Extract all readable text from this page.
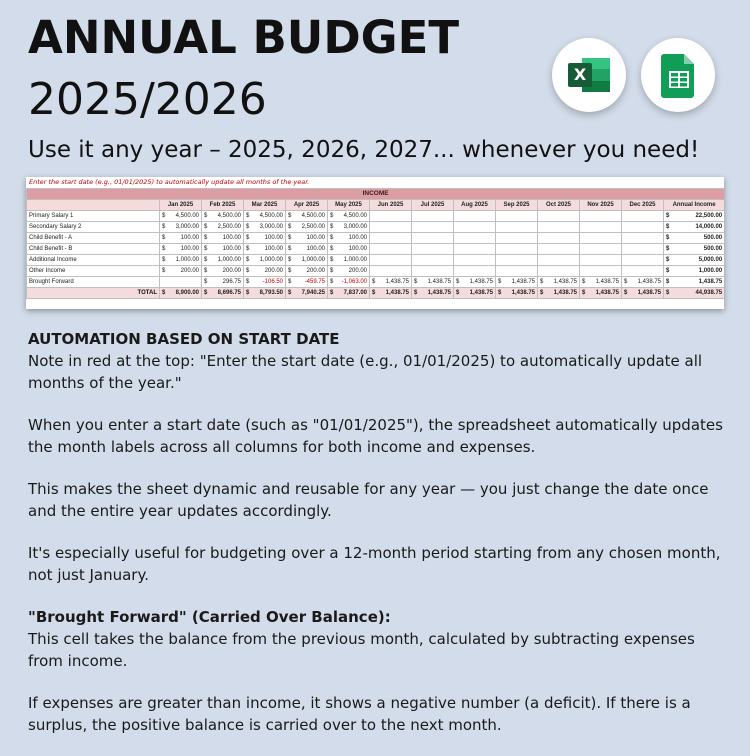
ANNUAL BUDGET
2025/2026
Use it any year – 2025, 2026, 2027... whenever you need!
X
Enter the start date (e.g., 01/01/2025) to automatically update all months of the year.
INCOME													
	Jan 2025	Feb 2025	Mar 2025	Apr 2025	May 2025	Jun 2025	Jul 2025	Aug 2025	Sep 2025	Oct 2025	Nov 2025	Dec 2025	Annual Income
Primary Salary 1	$ 4,500.00	$ 4,500.00	$ 4,500.00	$ 4,500.00	$ 4,500.00								$ 22,500.00
Secondary Salary 2	$ 3,000.00	$ 2,500.00	$ 3,000.00	$ 2,500.00	$ 3,000.00								$ 14,000.00
Child Benefit - A	$ 100.00	$ 100.00	$ 100.00	$ 100.00	$ 100.00								$ 500.00
Child Benefit - B	$ 100.00	$ 100.00	$ 100.00	$ 100.00	$ 100.00								$ 500.00
Additional Income	$ 1,000.00	$ 1,000.00	$ 1,000.00	$ 1,000.00	$ 1,000.00								$ 5,000.00
Other Income	$ 200.00	$ 200.00	$ 200.00	$ 200.00	$ 200.00								$ 1,000.00
Brought Forward		$ 296.75	$ -106.50	$ -459.75	$ -1,063.00	$ 1,438.75	$ 1,438.75	$ 1,438.75	$ 1,438.75	$ 1,438.75	$ 1,438.75	$ 1,438.75	$ 1,438.75
TOTAL	$ 8,900.00	$ 8,696.75	$ 8,793.50	$ 7,940.25	$ 7,837.00	$ 1,438.75	$ 1,438.75	$ 1,438.75	$ 1,438.75	$ 1,438.75	$ 1,438.75	$ 1,438.75	$ 44,938.75

AUTOMATION BASED ON START DATE

Note in red at the top: "Enter the start date (e.g., 01/01/2025) to automatically update all months of the year."

When you enter a start date (such as "01/01/2025"), the spreadsheet automatically updates the month labels across all columns for both income and expenses.

This makes the sheet dynamic and reusable for any year — you just change the date once and the entire year updates accordingly.

It's especially useful for budgeting over a 12-month period starting from any chosen month, not just January.

"Brought Forward" (Carried Over Balance):

This cell takes the balance from the previous month, calculated by subtracting expenses from income.

If expenses are greater than income, it shows a negative number (a deficit). If there is a surplus, the positive balance is carried over to the next month.
